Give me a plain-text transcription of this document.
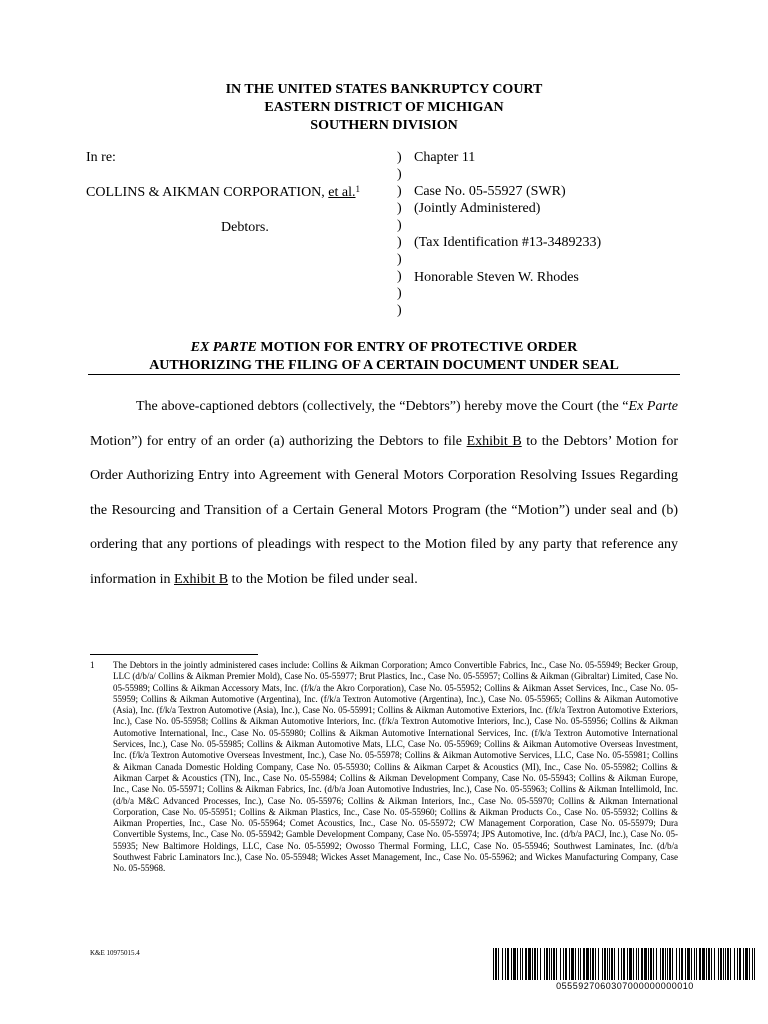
IN THE UNITED STATES BANKRUPTCY COURT
EASTERN DISTRICT OF MICHIGAN
SOUTHERN DIVISION
In re:
COLLINS & AIKMAN CORPORATION, et al.$^1$
Debtors.
)
)
)
)
)
)
)
)
)
)
Chapter 11
Case No. 05-55927 (SWR)
(Jointly Administered)
(Tax Identification #13-3489233)
Honorable Steven W. Rhodes
EX PARTE MOTION FOR ENTRY OF PROTECTIVE ORDER
AUTHORIZING THE FILING OF A CERTAIN DOCUMENT UNDER SEAL

The above-captioned debtors (collectively, the “Debtors”) hereby move the Court (the “Ex Parte Motion”) for entry of an order (a) authorizing the Debtors to file Exhibit B to the Debtors’ Motion for Order Authorizing Entry into Agreement with General Motors Corporation Resolving Issues Regarding the Resourcing and Transition of a Certain General Motors Program (the “Motion”) under seal and (b) ordering that any portions of pleadings with respect to the Motion filed by any party that reference any information in Exhibit B to the Motion be filed under seal.

1 The Debtors in the jointly administered cases include: Collins & Aikman Corporation; Amco Convertible Fabrics, Inc., Case No. 05-55949; Becker Group, LLC (d/b/a/ Collins & Aikman Premier Mold), Case No. 05-55977; Brut Plastics, Inc., Case No. 05-55957; Collins & Aikman (Gibraltar) Limited, Case No. 05-55989; Collins & Aikman Accessory Mats, Inc. (f/k/a the Akro Corporation), Case No. 05-55952; Collins & Aikman Asset Services, Inc., Case No. 05-55959; Collins & Aikman Automotive (Argentina), Inc. (f/k/a Textron Automotive (Argentina), Inc.), Case No. 05-55965; Collins & Aikman Automotive (Asia), Inc. (f/k/a Textron Automotive (Asia), Inc.), Case No. 05-55991; Collins & Aikman Automotive Exteriors, Inc. (f/k/a Textron Automotive Exteriors, Inc.), Case No. 05-55958; Collins & Aikman Automotive Interiors, Inc. (f/k/a Textron Automotive Interiors, Inc.), Case No. 05-55956; Collins & Aikman Automotive International, Inc., Case No. 05-55980; Collins & Aikman Automotive International Services, Inc. (f/k/a Textron Automotive International Services, Inc.), Case No. 05-55985; Collins & Aikman Automotive Mats, LLC, Case No. 05-55969; Collins & Aikman Automotive Overseas Investment, Inc. (f/k/a Textron Automotive Overseas Investment, Inc.), Case No. 05-55978; Collins & Aikman Automotive Services, LLC, Case No. 05-55981; Collins & Aikman Canada Domestic Holding Company, Case No. 05-55930; Collins & Aikman Carpet & Acoustics (MI), Inc., Case No. 05-55982; Collins & Aikman Carpet & Acoustics (TN), Inc., Case No. 05-55984; Collins & Aikman Development Company, Case No. 05-55943; Collins & Aikman Europe, Inc., Case No. 05-55971; Collins & Aikman Fabrics, Inc. (d/b/a Joan Automotive Industries, Inc.), Case No. 05-55963; Collins & Aikman Intellimold, Inc. (d/b/a M&C Advanced Processes, Inc.), Case No. 05-55976; Collins & Aikman Interiors, Inc., Case No. 05-55970; Collins & Aikman International Corporation, Case No. 05-55951; Collins & Aikman Plastics, Inc., Case No. 05-55960; Collins & Aikman Products Co., Case No. 05-55932; Collins & Aikman Properties, Inc., Case No. 05-55964; Comet Acoustics, Inc., Case No. 05-55972; CW Management Corporation, Case No. 05-55979; Dura Convertible Systems, Inc., Case No. 05-55942; Gamble Development Company, Case No. 05-55974; JPS Automotive, Inc. (d/b/a PACJ, Inc.), Case No. 05-55935; New Baltimore Holdings, LLC, Case No. 05-55992; Owosso Thermal Forming, LLC, Case No. 05-55946; Southwest Laminates, Inc. (d/b/a Southwest Fabric Laminators Inc.), Case No. 05-55948; Wickes Asset Management, Inc., Case No. 05-55962; and Wickes Manufacturing Company, Case No. 05-55968.
K&E 10975015.4
0555927060307000000000010
